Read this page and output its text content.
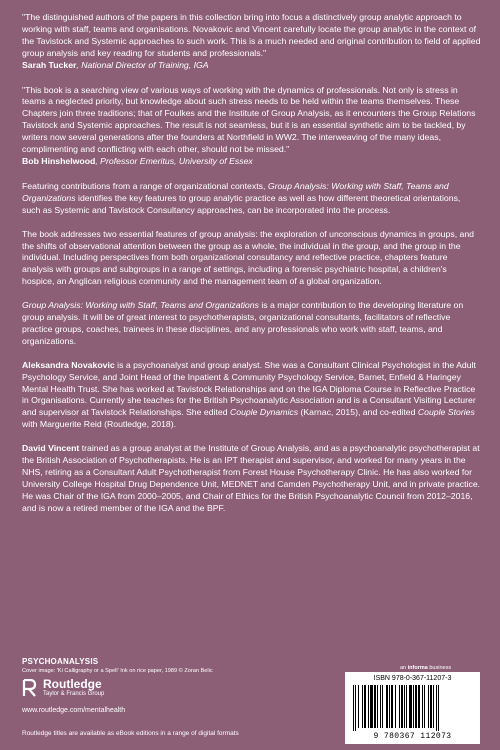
"The distinguished authors of the papers in this collection bring into focus a distinctively group analytic approach to working with staff, teams and organisations. Novakovic and Vincent carefully locate the group analytic in the context of the Tavistock and Systemic approaches to such work. This is a much needed and original contribution to field of applied group analysis and key reading for students and professionals."
Sarah Tucker, National Director of Training, IGA

"This book is a searching view of various ways of working with the dynamics of professionals. Not only is stress in teams a neglected priority, but knowledge about such stress needs to be held within the teams themselves. These Chapters join three traditions; that of Foulkes and the Institute of Group Analysis, as it encounters the Group Relations Tavistock and Systemic approaches. The result is not seamless, but it is an essential synthetic aim to be tackled, by writers now several generations after the founders at Northfield in WW2. The interweaving of the many ideas, complimenting and conflicting with each other, should not be missed."
Bob Hinshelwood, Professor Emeritus, University of Essex

Featuring contributions from a range of organizational contexts, Group Analysis: Working with Staff, Teams and Organizations identifies the key features to group analytic practice as well as how different theoretical orientations, such as Systemic and Tavistock Consultancy approaches, can be incorporated into the process.

The book addresses two essential features of group analysis: the exploration of unconscious dynamics in groups, and the shifts of observational attention between the group as a whole, the individual in the group, and the group in the individual. Including perspectives from both organizational consultancy and reflective practice, chapters feature analysis with groups and subgroups in a range of settings, including a forensic psychiatric hospital, a children's hospice, an Anglican religious community and the management team of a global organization.

Group Analysis: Working with Staff, Teams and Organizations is a major contribution to the developing literature on group analysis. It will be of great interest to psychotherapists, organizational consultants, facilitators of reflective practice groups, coaches, trainees in these disciplines, and any professionals who work with staff, teams, and organizations.

Aleksandra Novakovic is a psychoanalyst and group analyst. She was a Consultant Clinical Psychologist in the Adult Psychology Service, and Joint Head of the Inpatient & Community Psychology Service, Barnet, Enfield & Haringey Mental Health Trust. She has worked at Tavistock Relationships and on the IGA Diploma Course in Reflective Practice in Organisations. Currently she teaches for the British Psychoanalytic Association and is a Consultant Visiting Lecturer and supervisor at Tavistock Relationships. She edited Couple Dynamics (Karnac, 2015), and co-edited Couple Stories with Marguerite Reid (Routledge, 2018).

David Vincent trained as a group analyst at the Institute of Group Analysis, and as a psychoanalytic psychotherapist at the British Association of Psychotherapists. He is an IPT therapist and supervisor, and worked for many years in the NHS, retiring as a Consultant Adult Psychotherapist from Forest House Psychotherapy Clinic. He has also worked for University College Hospital Drug Dependence Unit, MEDNET and Camden Psychotherapy Unit, and in private practice. He was Chair of the IGA from 2000–2005, and Chair of Ethics for the British Psychoanalytic Council from 2012–2016, and is now a retired member of the IGA and the BPF.

PSYCHOANALYSIS
Cover image: 'Ki Calligraphy or a Spell' Ink on rice paper, 1989 © Zoran Belic
Routledge
Taylor & Francis Group
www.routledge.com/mentalhealth
Routledge titles are available as eBook editions in a range of digital formats
an informa business
ISBN 978-0-367-11207-3
9 780367 112073
